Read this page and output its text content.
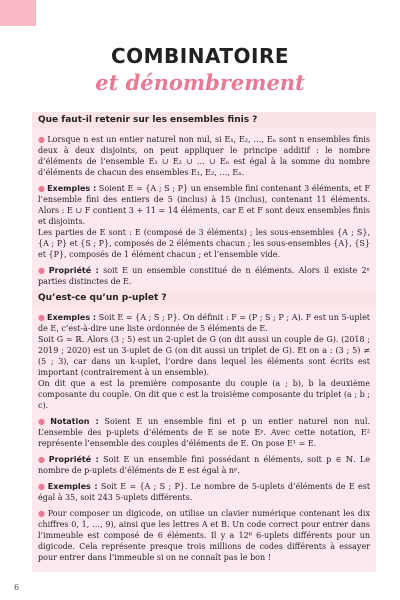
COMBINATOIRE
et dénombrement
Que faut-il retenir sur les ensembles finis ?

● Lorsque n est un entier naturel non nul, si E₁, E₂, …, Eₙ sont n ensembles finis deux à deux disjoints, on peut appliquer le principe additif : le nombre d’éléments de l’ensemble E₁ ∪ E₂ ∪ … ∪ Eₙ est égal à la somme du nombre d’éléments de chacun des ensembles E₁, E₂, …, Eₙ.

● Exemples : Soient E = {A ; S ; P} un ensemble fini contenant 3 éléments, et F l’ensemble fini des entiers de 5 (inclus) à 15 (inclus), contenant 11 éléments. Alors : E ∪ F contient 3 + 11 = 14 éléments, car E et F sont deux ensembles finis et disjoints.
Les parties de E sont : E (composé de 3 éléments) ; les sous-ensembles {A ; S}, {A ; P} et {S ; P}, composés de 2 éléments chacun ; les sous-ensembles {A}, {S} et {P}, composés de 1 élément chacun ; et l’ensemble vide.

● Propriété : soit E un ensemble constitué de n éléments. Alors il existe 2ⁿ parties distinctes de E.

Qu’est-ce qu’un p-uplet ?

● Exemples : Soit E = {A ; S ; P}. On définit : F = (P ; S ; P ; A). F est un 5-uplet de E, c’est-à-dire une liste ordonnée de 5 éléments de E.
Soit G = ℝ. Alors (3 ; 5) est un 2-uplet de G (on dit aussi un couple de G). (2018 ; 2019 ; 2020) est un 3-uplet de G (on dit aussi un triplet de G). Et on a : (3 ; 5) ≠ (5 ; 3), car dans un k-uplet, l’ordre dans lequel les éléments sont écrits est important (contrairement à un ensemble).
On dit que a est la première composante du couple (a ; b), b la deuxième composante du couple. On dit que c est la troisième composante du triplet (a ; b ; c).

● Notation : Soient E un ensemble fini et p un entier naturel non nul. L’ensemble des p-uplets d’éléments de E se note Eᵖ. Avec cette notation, E² représente l’ensemble des couples d’éléments de E. On pose E¹ = E.

● Propriété : Soit E un ensemble fini possédant n éléments, soit p ∈ ℕ. Le nombre de p-uplets d’éléments de E est égal à nᵖ.

● Exemples : Soit E = {A ; S ; P}. Le nombre de 5-uplets d’éléments de E est égal à 35, soit 243 5-uplets différents.

● Pour composer un digicode, on utilise un clavier numérique contenant les dix chiffres 0, 1, …, 9), ainsi que les lettres A et B. Un code correct pour entrer dans l’immeuble est composé de 6 éléments. Il y a 12⁶ 6-uplets différents pour un digicode. Cela représente presque trois millions de codes différents à essayer pour entrer dans l’immeuble si on ne connaît pas le bon !

6
